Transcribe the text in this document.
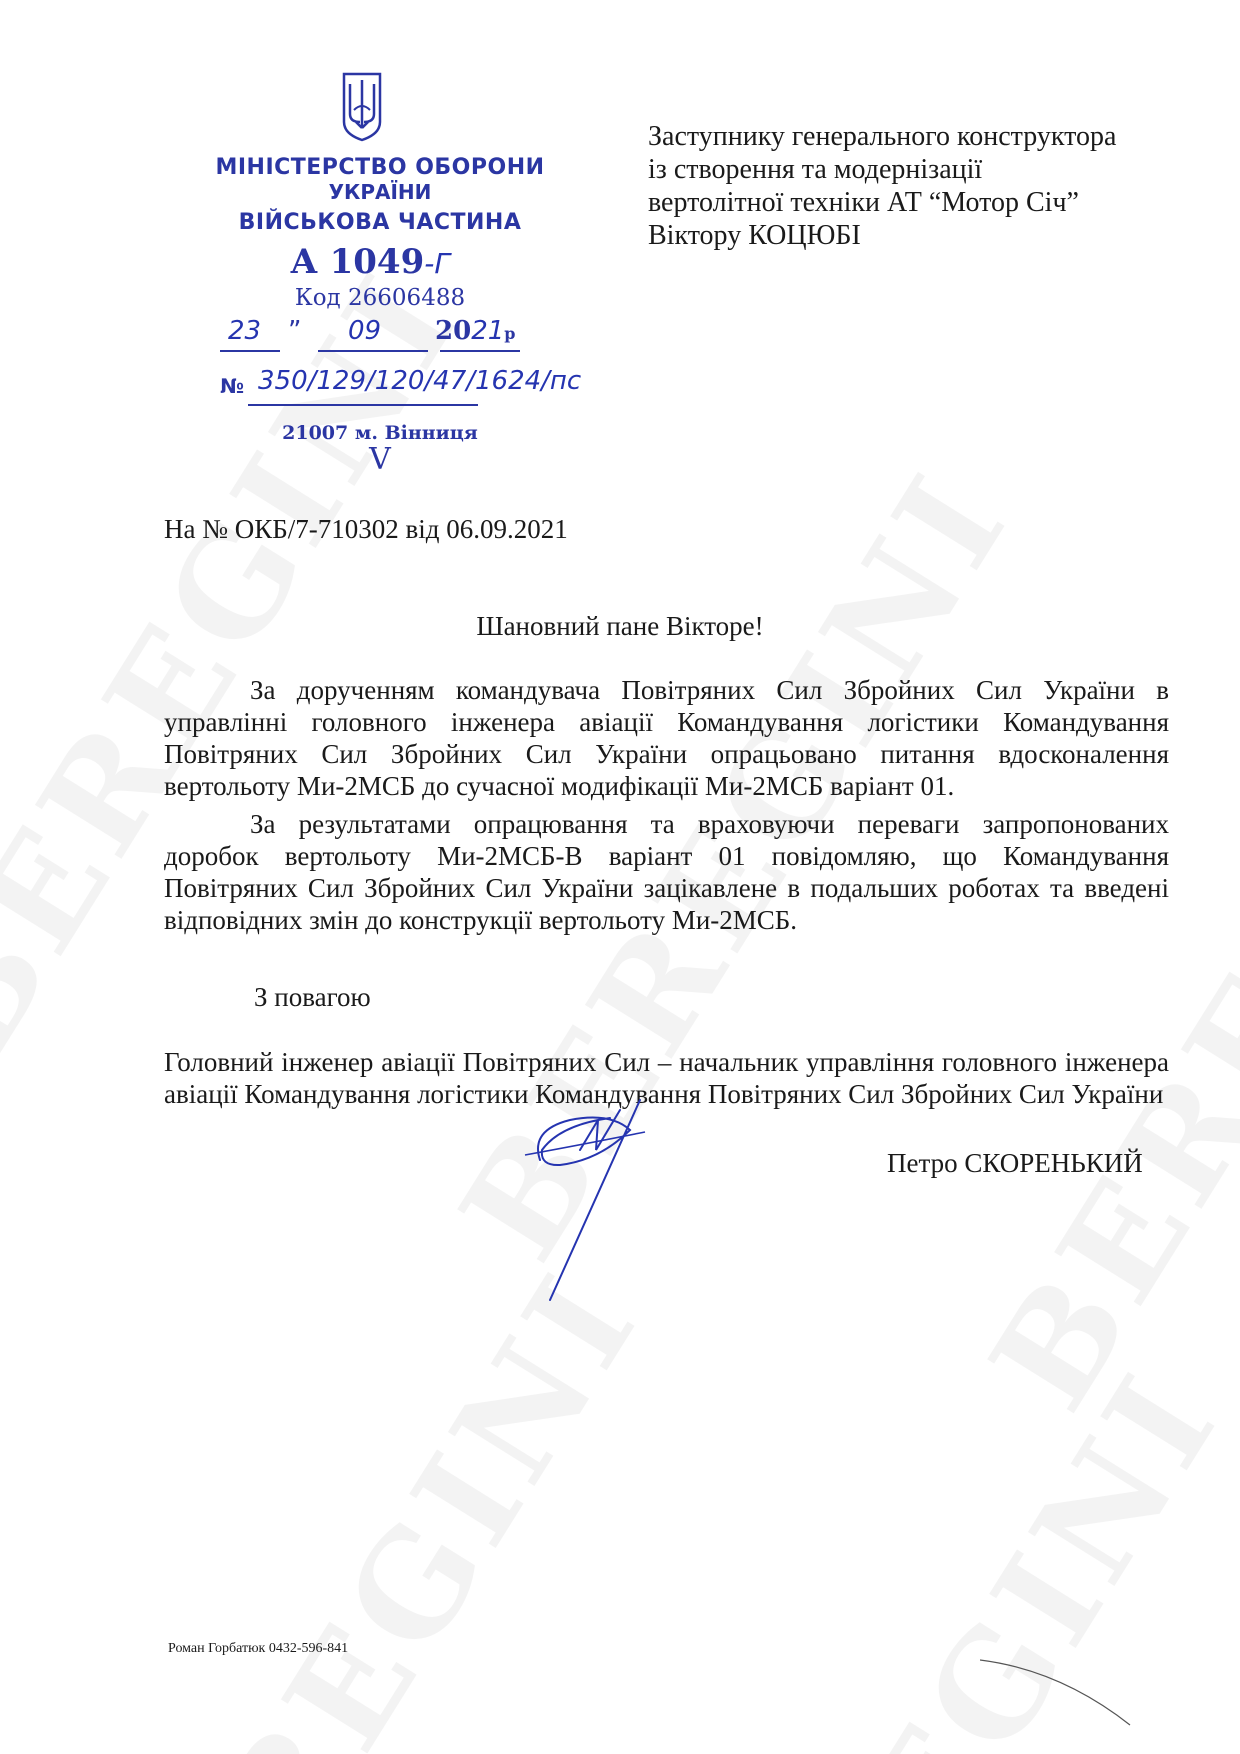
МІНІСТЕРСТВО ОБОРОНИ
УКРАЇНИ
ВІЙСЬКОВА ЧАСТИНА
А 1049-Г
Код 26606488
23 ” 09 2021р
№ 350/129/120/47/1624/пс
21007 м. Вінниця
V
Заступнику генерального конструктора
із створення та модернізації
вертолітної техніки АТ “Мотор Січ”
Віктору КОЦЮБІ
На № ОКБ/7-710302 від 06.09.2021
Шановний пане Вікторе!

За дорученням командувача Повітряних Сил Збройних Сил України в управлінні головного інженера авіації Командування логістики Командування Повітряних Сил Збройних Сил України опрацьовано питання вдосконалення вертольоту Ми-2МСБ до сучасної модифікації Ми-2МСБ варіант 01.

За результатами опрацювання та враховуючи переваги запропонованих доробок вертольоту Ми-2МСБ-В варіант 01 повідомляю, що Командування Повітряних Сил Збройних Сил України зацікавлене в подальших роботах та введені відповідних змін до конструкції вертольоту Ми-2МСБ.

З повагою
Головний інженер авіації Повітряних Сил – начальник управління головного інженера авіації Командування логістики Командування Повітряних Сил Збройних Сил України
Петро СКОРЕНЬКИЙ
Роман Горбатюк 0432-596-841
